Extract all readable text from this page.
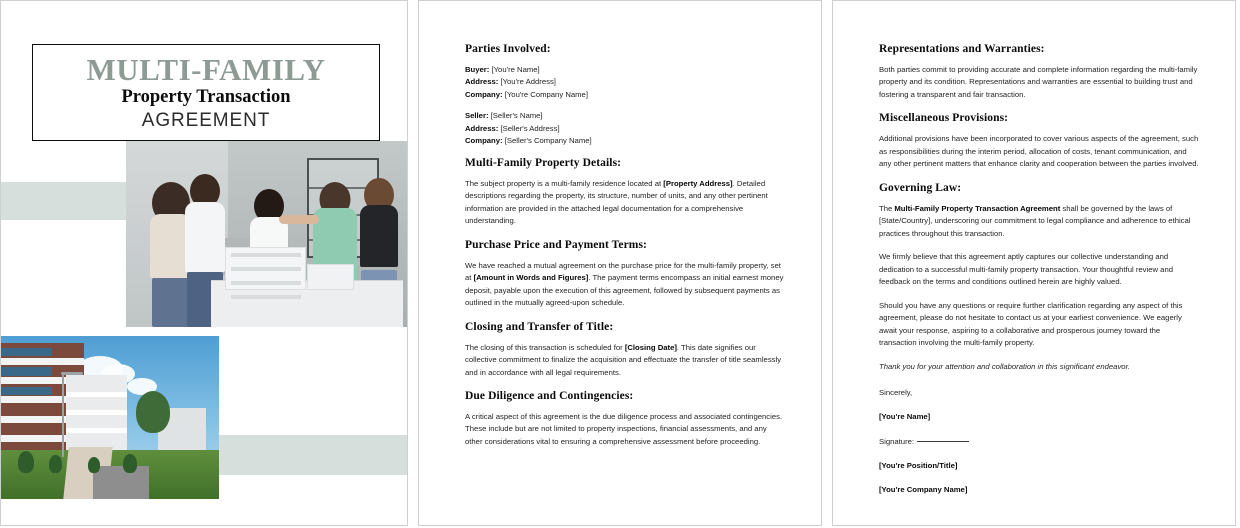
MULTI-FAMILY
Property Transaction
AGREEMENT
Parties Involved:

Buyer: [You're Name]

Address: [You're Address]

Company: [You're Company Name]

Seller: [Seller's Name]

Address: [Seller's Address]

Company: [Seller's Company Name]

Multi-Family Property Details:

The subject property is a multi-family residence located at [Property Address]. Detailed descriptions regarding the property, its structure, number of units, and any other pertinent information are provided in the attached legal documentation for a comprehensive understanding.

Purchase Price and Payment Terms:

We have reached a mutual agreement on the purchase price for the multi-family property, set at [Amount in Words and Figures]. The payment terms encompass an initial earnest money deposit, payable upon the execution of this agreement, followed by subsequent payments as outlined in the mutually agreed-upon schedule.

Closing and Transfer of Title:

The closing of this transaction is scheduled for [Closing Date]. This date signifies our collective commitment to finalize the acquisition and effectuate the transfer of title seamlessly and in accordance with all legal requirements.

Due Diligence and Contingencies:

A critical aspect of this agreement is the due diligence process and associated contingencies. These include but are not limited to property inspections, financial assessments, and any other considerations vital to ensuring a comprehensive assessment before proceeding.

Representations and Warranties:

Both parties commit to providing accurate and complete information regarding the multi-family property and its condition. Representations and warranties are essential to building trust and fostering a transparent and fair transaction.

Miscellaneous Provisions:

Additional provisions have been incorporated to cover various aspects of the agreement, such as responsibilities during the interim period, allocation of costs, tenant communication, and any other pertinent matters that enhance clarity and cooperation between the parties involved.

Governing Law:

The Multi-Family Property Transaction Agreement shall be governed by the laws of [State/Country], underscoring our commitment to legal compliance and adherence to ethical practices throughout this transaction.

We firmly believe that this agreement aptly captures our collective understanding and dedication to a successful multi-family property transaction. Your thoughtful review and feedback on the terms and conditions outlined herein are highly valued.

Should you have any questions or require further clarification regarding any aspect of this agreement, please do not hesitate to contact us at your earliest convenience. We eagerly await your response, aspiring to a collaborative and prosperous journey toward the transaction involving the multi-family property.

Thank you for your attention and collaboration in this significant endeavor.

Sincerely,

[You're Name]

Signature:

[You're Position/Title]

[You're Company Name]
